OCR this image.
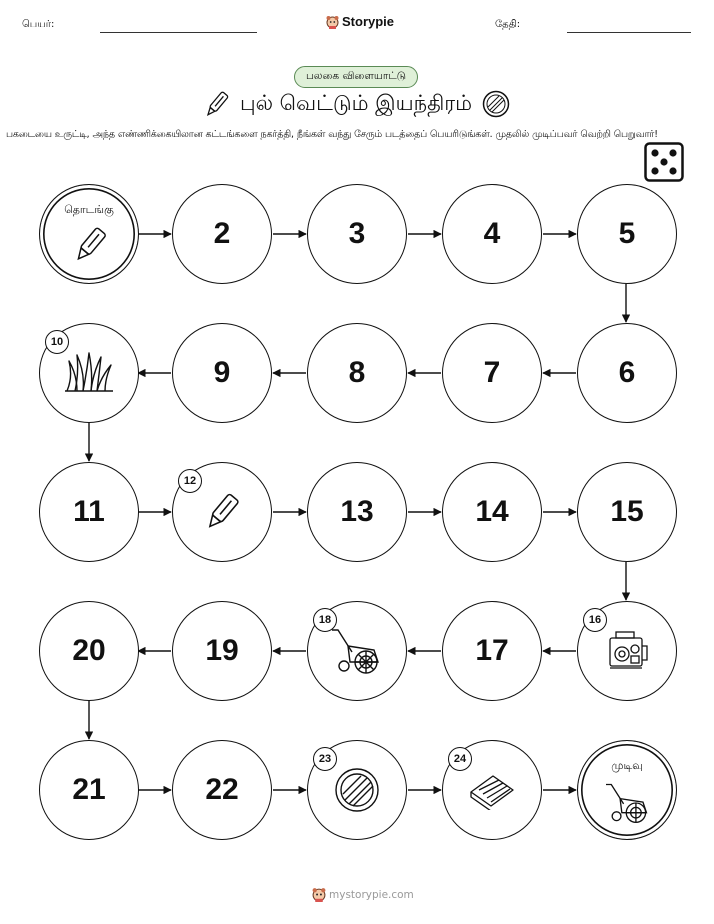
பெயர்:	Storypie	தேதி:
பலகை விளையாட்டு
புல் வெட்டும் இயந்திரம்
பகடையை உருட்டி, அந்த எண்ணிக்கையிலான கட்டங்களை நகர்த்தி, நீங்கள் வந்து சேரும் படத்தைப் பெயரிடுங்கள். முதலில் முடிப்பவர் வெற்றி பெறுவார்!
தொடங்கு
2	3	4	5
10
9	8	7	6
11
12
13	14	15
20	19
18
17
16
21	22
23	24	முடிவு
mystorypie.com
